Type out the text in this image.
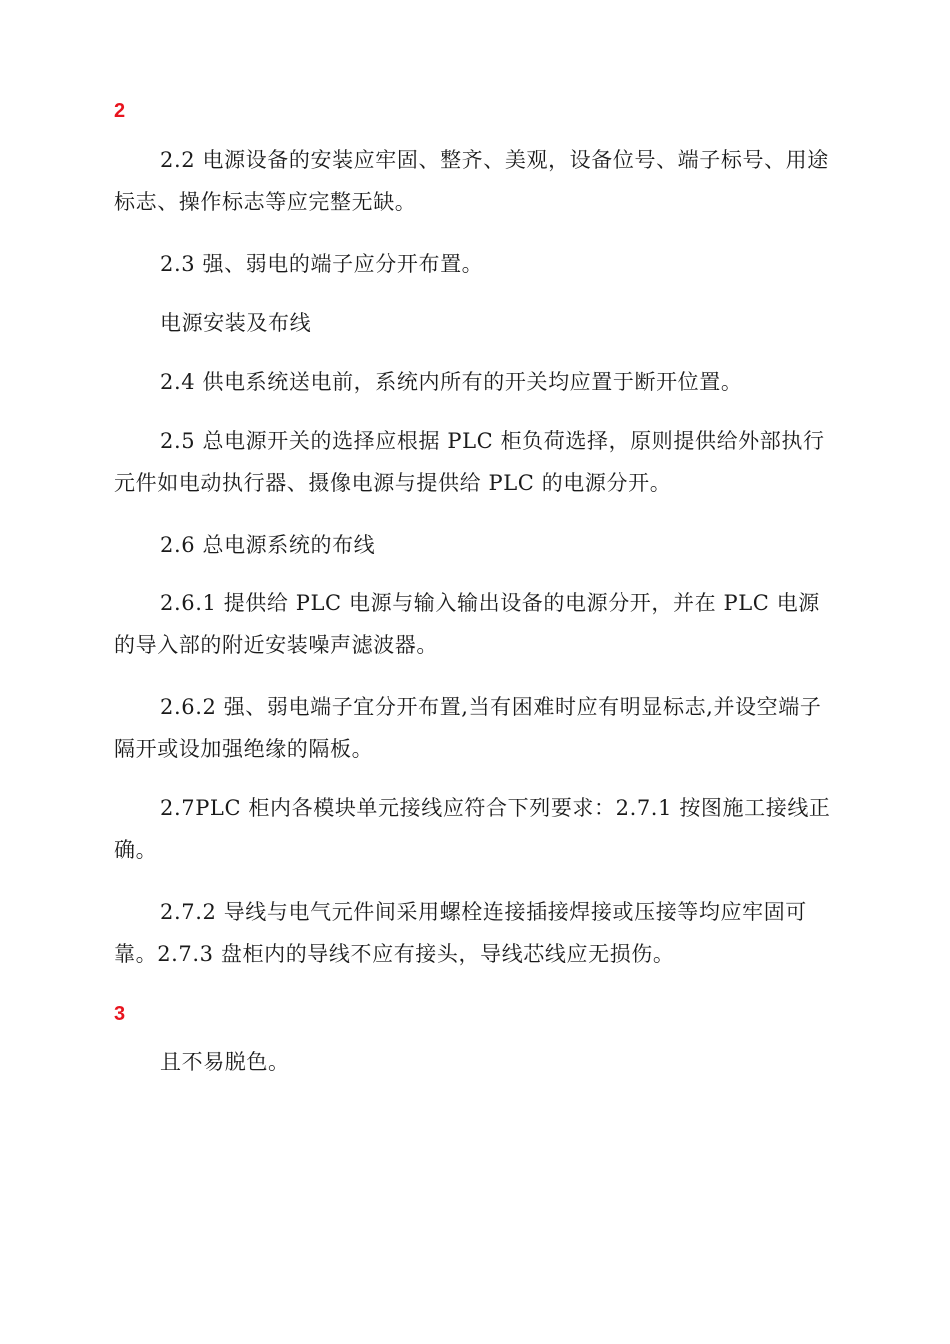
2

2.2 电源设备的安装应牢固、整齐、美观，设备位号、端子标号、用途标志、操作标志等应完整无缺。

2.3 强、弱电的端子应分开布置。

电源安装及布线

2.4 供电系统送电前，系统内所有的开关均应置于断开位置。

2.5 总电源开关的选择应根据 PLC 柜负荷选择，原则提供给外部执行元件如电动执行器、摄像电源与提供给 PLC 的电源分开。

2.6 总电源系统的布线

2.6.1 提供给 PLC 电源与输入输出设备的电源分开，并在 PLC 电源的导入部的附近安装噪声滤波器。

2.6.2 强、弱电端子宜分开布置,当有困难时应有明显标志,并设空端子隔开或设加强绝缘的隔板。

2.7PLC 柜内各模块单元接线应符合下列要求：2.7.1 按图施工接线正确。

2.7.2 导线与电气元件间采用螺栓连接插接焊接或压接等均应牢固可靠。2.7.3 盘柜内的导线不应有接头，导线芯线应无损伤。

3

且不易脱色。
